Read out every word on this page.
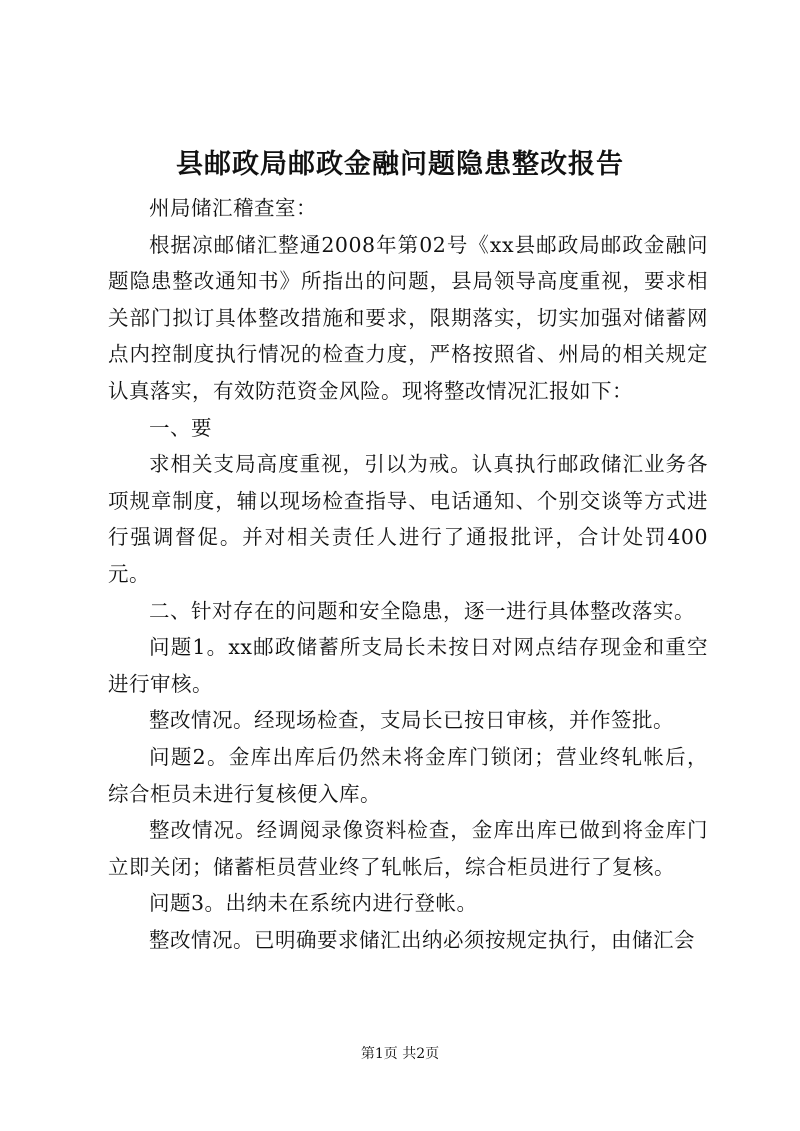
县邮政局邮政金融问题隐患整改报告

州局储汇稽查室：

根据凉邮储汇整通2008年第02号《xx县邮政局邮政金融问题隐患整改通知书》所指出的问题，县局领导高度重视，要求相关部门拟订具体整改措施和要求，限期落实，切实加强对储蓄网点内控制度执行情况的检查力度，严格按照省、州局的相关规定认真落实，有效防范资金风险。现将整改情况汇报如下：

一、要

求相关支局高度重视，引以为戒。认真执行邮政储汇业务各项规章制度，辅以现场检查指导、电话通知、个别交谈等方式进行强调督促。并对相关责任人进行了通报批评，合计处罚400元。

二、针对存在的问题和安全隐患，逐一进行具体整改落实。

问题1。xx邮政储蓄所支局长未按日对网点结存现金和重空进行审核。

整改情况。经现场检查，支局长已按日审核，并作签批。

问题2。金库出库后仍然未将金库门锁闭；营业终轧帐后，综合柜员未进行复核便入库。

整改情况。经调阅录像资料检查，金库出库已做到将金库门立即关闭；储蓄柜员营业终了轧帐后，综合柜员进行了复核。

问题3。出纳未在系统内进行登帐。

整改情况。已明确要求储汇出纳必须按规定执行，由储汇会

第1页 共2页
